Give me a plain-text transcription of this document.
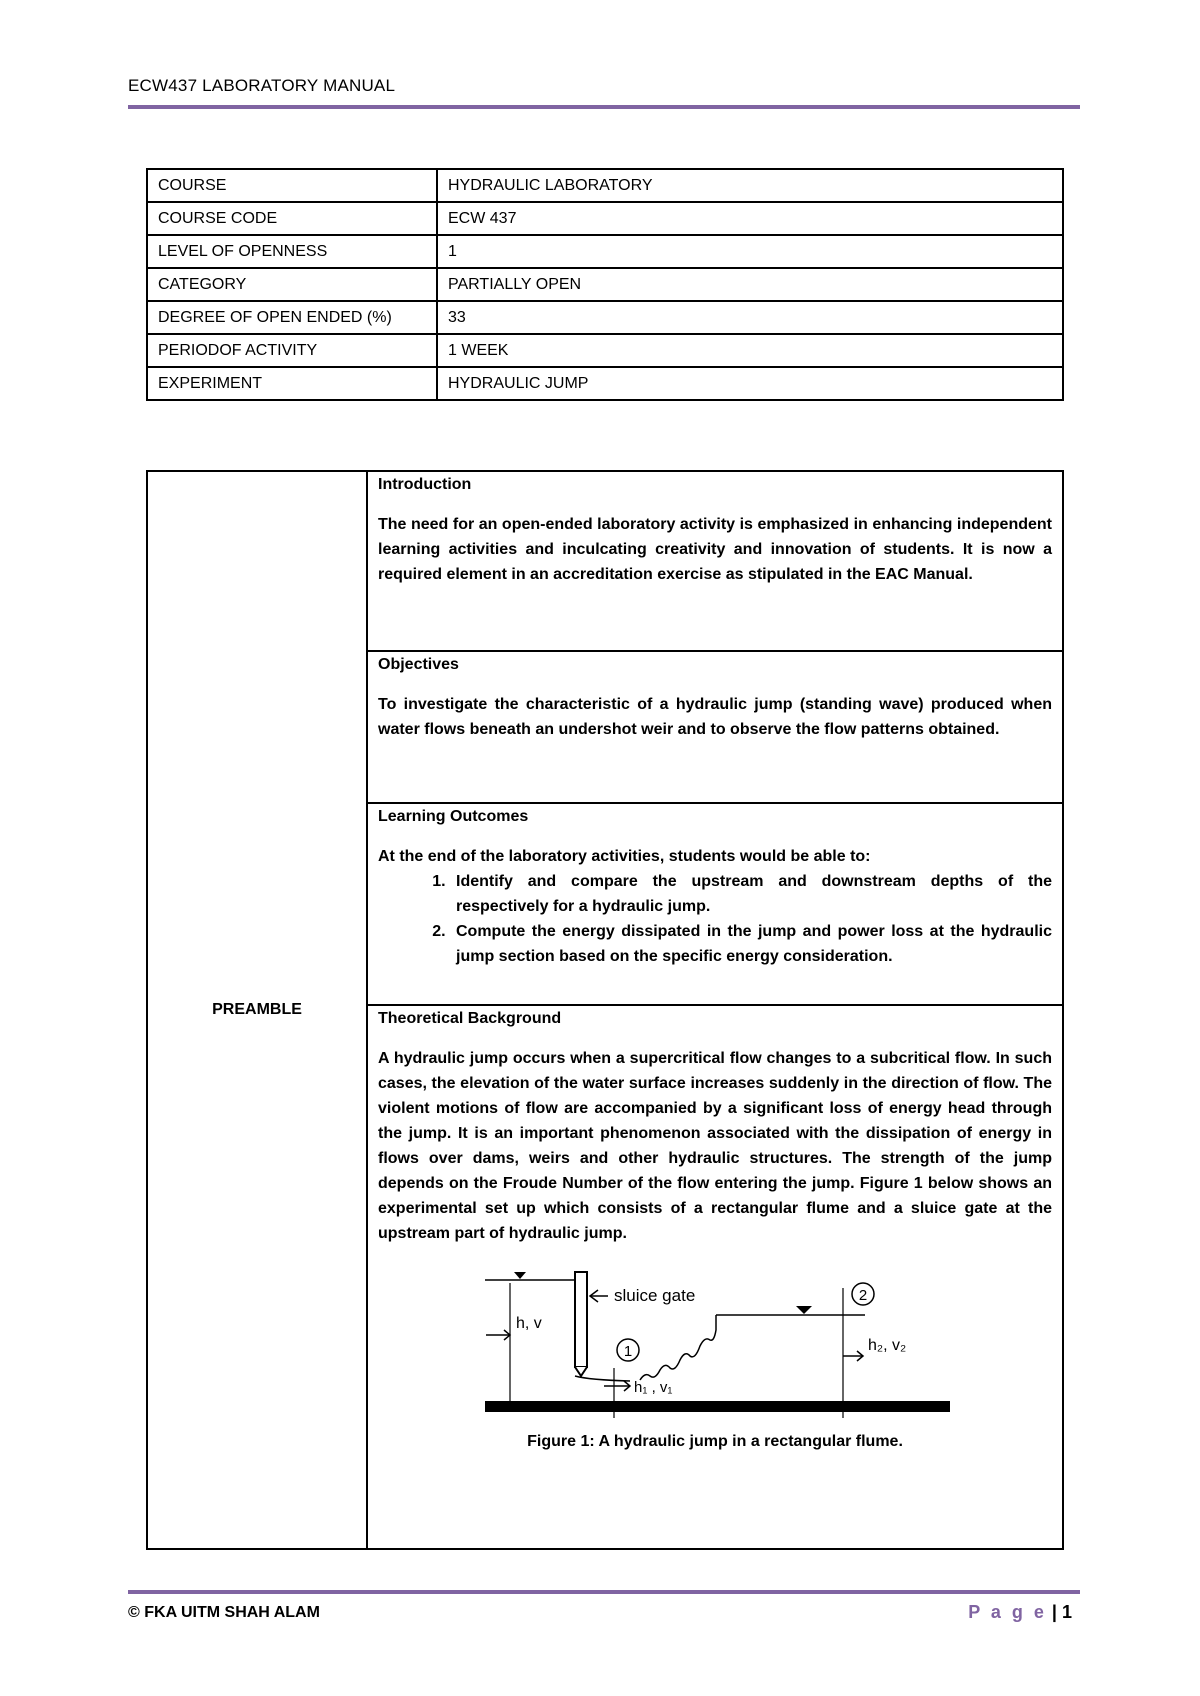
ECW437 LABORATORY MANUAL
COURSE	HYDRAULIC LABORATORY
COURSE CODE	ECW 437
LEVEL OF OPENNESS	1
CATEGORY	PARTIALLY OPEN
DEGREE OF OPEN ENDED (%)	33
PERIODOF ACTIVITY	1 WEEK
EXPERIMENT	HYDRAULIC JUMP
PREAMBLE	
Introduction
The need for an open-ended laboratory activity is emphasized in enhancing independent learning activities and inculcating creativity and innovation of students. It is now a required element in an accreditation exercise as stipulated in the EAC Manual.

Objectives
To investigate the characteristic of a hydraulic jump (standing wave) produced when water flows beneath an undershot weir and to observe the flow patterns obtained.

Learning Outcomes
At the end of the laboratory activities, students would be able to:
1. Identify and compare the upstream and downstream depths of the respectively for a hydraulic jump.
2. Compute the energy dissipated in the jump and power loss at the hydraulic jump section based on the specific energy consideration.

Theoretical Background
A hydraulic jump occurs when a supercritical flow changes to a subcritical flow. In such cases, the elevation of the water surface increases suddenly in the direction of flow. The violent motions of flow are accompanied by a significant loss of energy head through the jump. It is an important phenomenon associated with the dissipation of energy in flows over dams, weirs and other hydraulic structures. The strength of the jump depends on the Froude Number of the flow entering the jump. Figure 1 below shows an experimental set up which consists of a rectangular flume and a sluice gate at the upstream part of hydraulic jump.
sluice gate
h, v
1
h₁ , v₁
2
h₂, v₂
Figure 1: A hydraulic jump in a rectangular flume.
© FKA UITM SHAH ALAM	P a g e | 1
